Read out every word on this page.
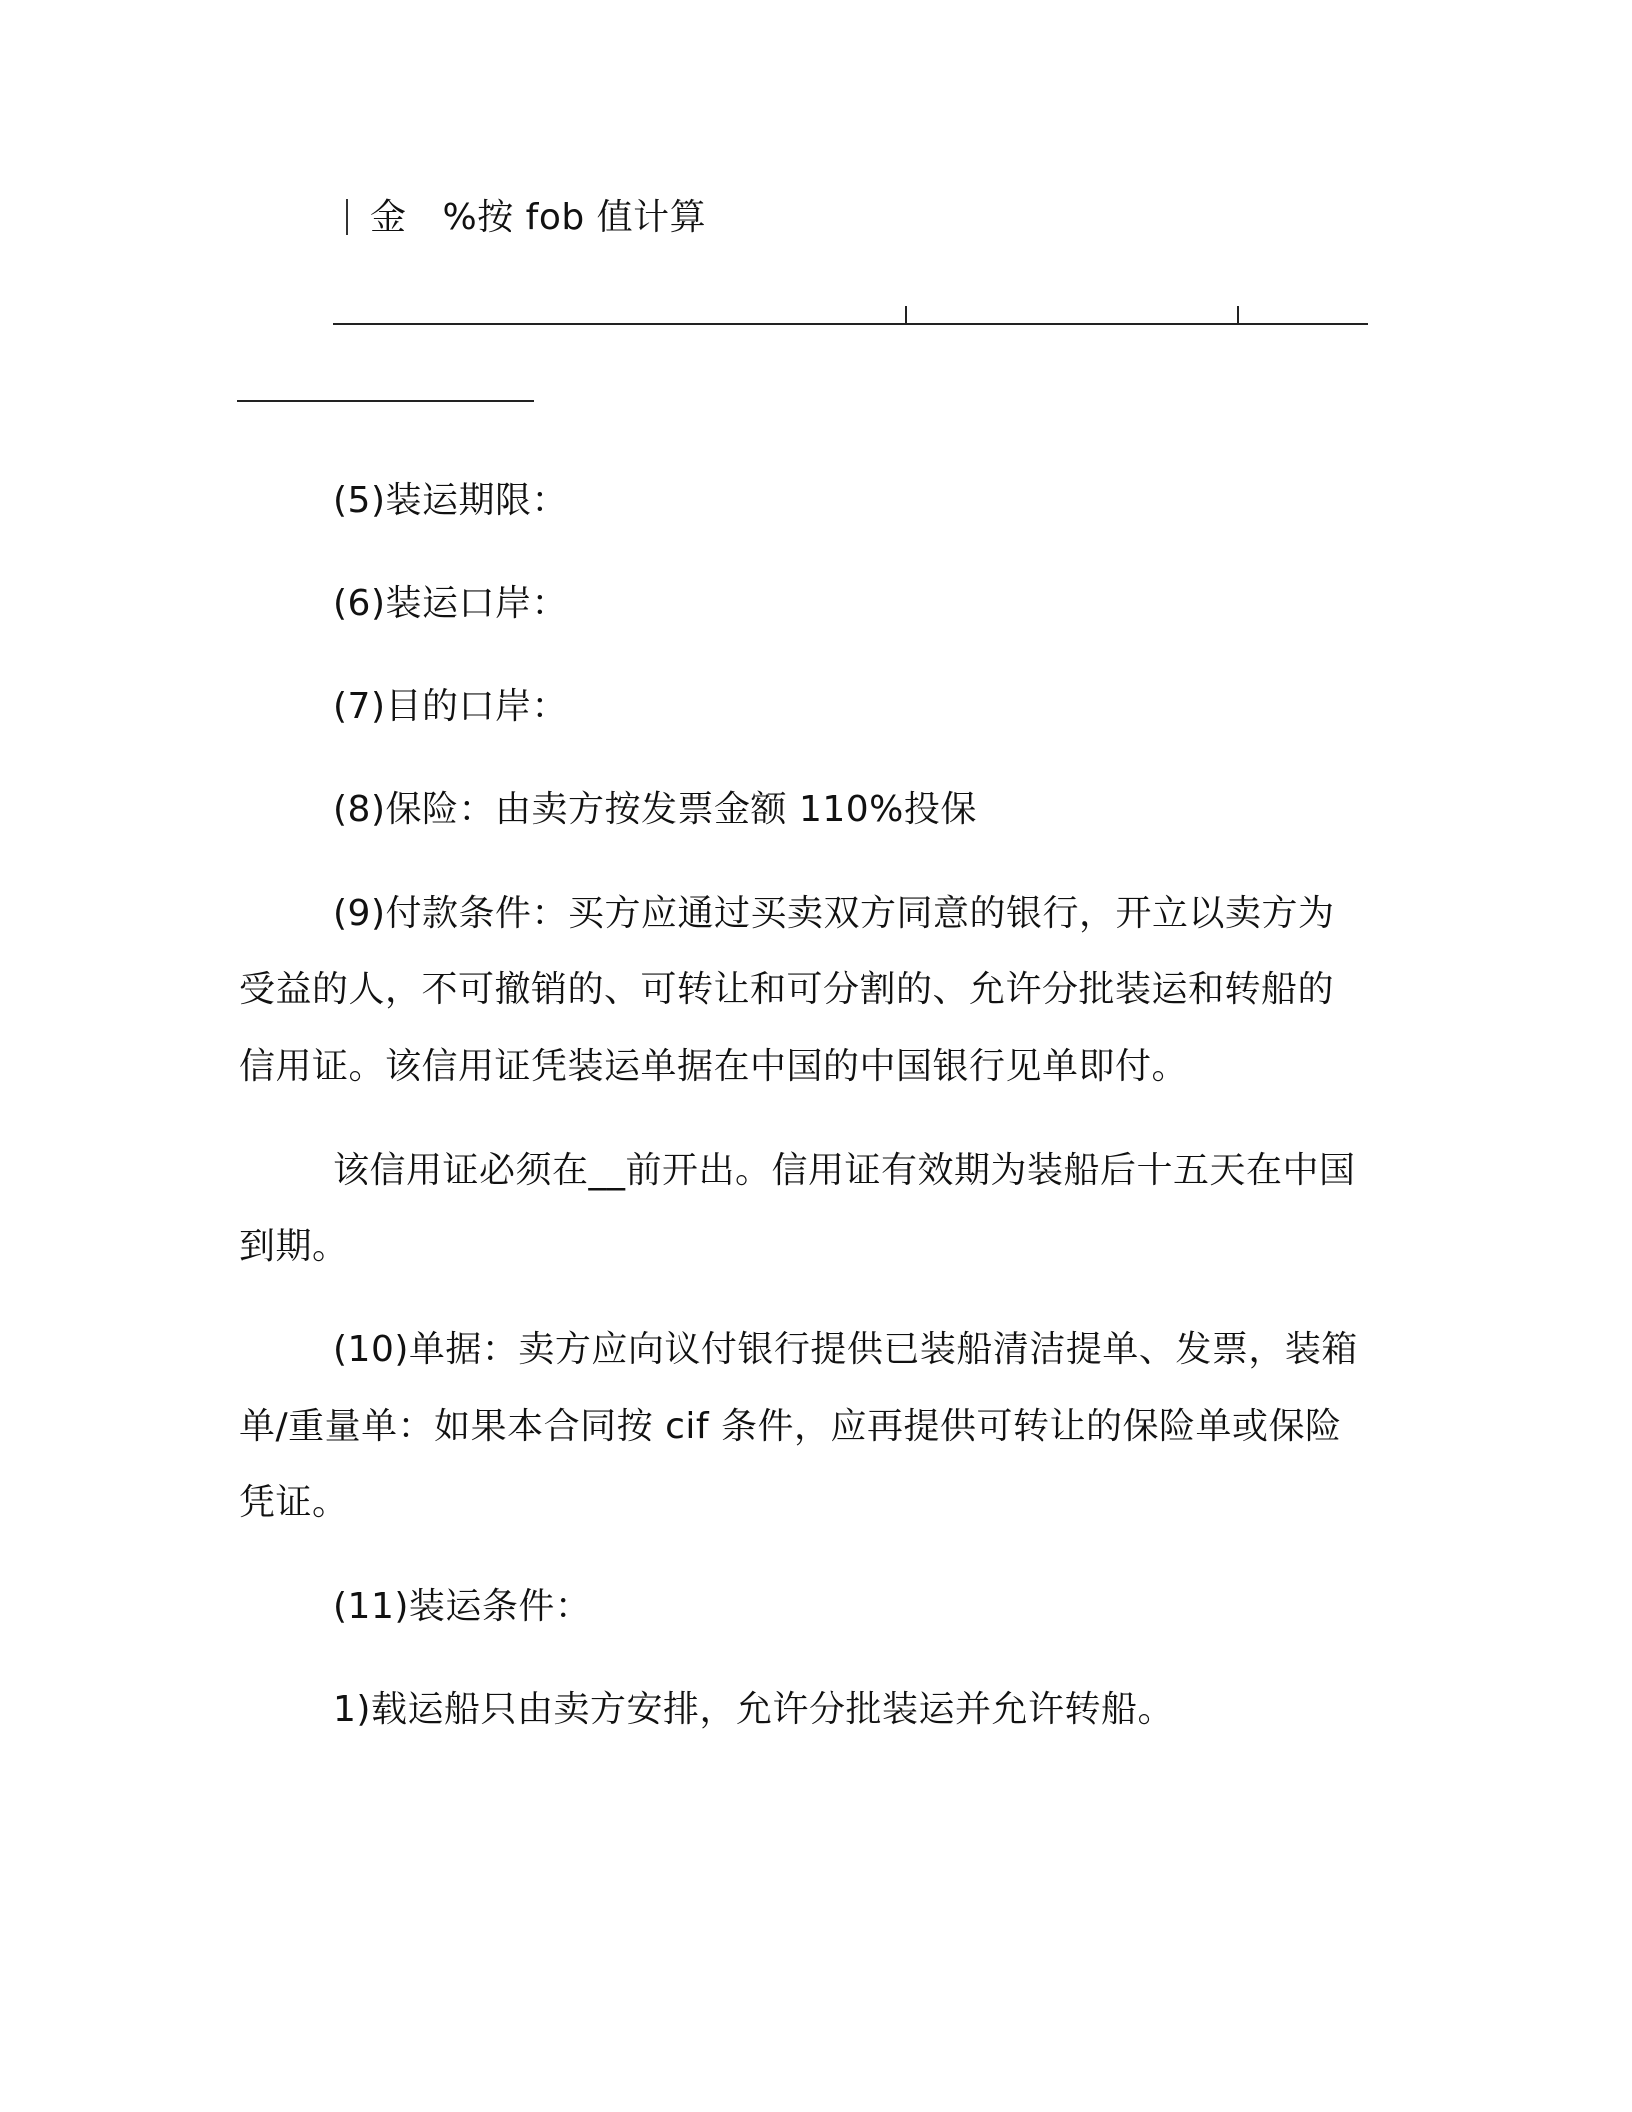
金 %按 fob 值计算
(5)装运期限：
(6)装运口岸：
(7)目的口岸：
(8)保险：由卖方按发票金额 110%投保
(9)付款条件：买方应通过买卖双方同意的银行，开立以卖方为
受益的人，不可撤销的、可转让和可分割的、允许分批装运和转船的
信用证。该信用证凭装运单据在中国的中国银行见单即付。
该信用证必须在__前开出。信用证有效期为装船后十五天在中国
到期。
(10)单据：卖方应向议付银行提供已装船清洁提单、发票，装箱
单/重量单：如果本合同按 cif 条件，应再提供可转让的保险单或保险
凭证。
(11)装运条件：
1)载运船只由卖方安排，允许分批装运并允许转船。
